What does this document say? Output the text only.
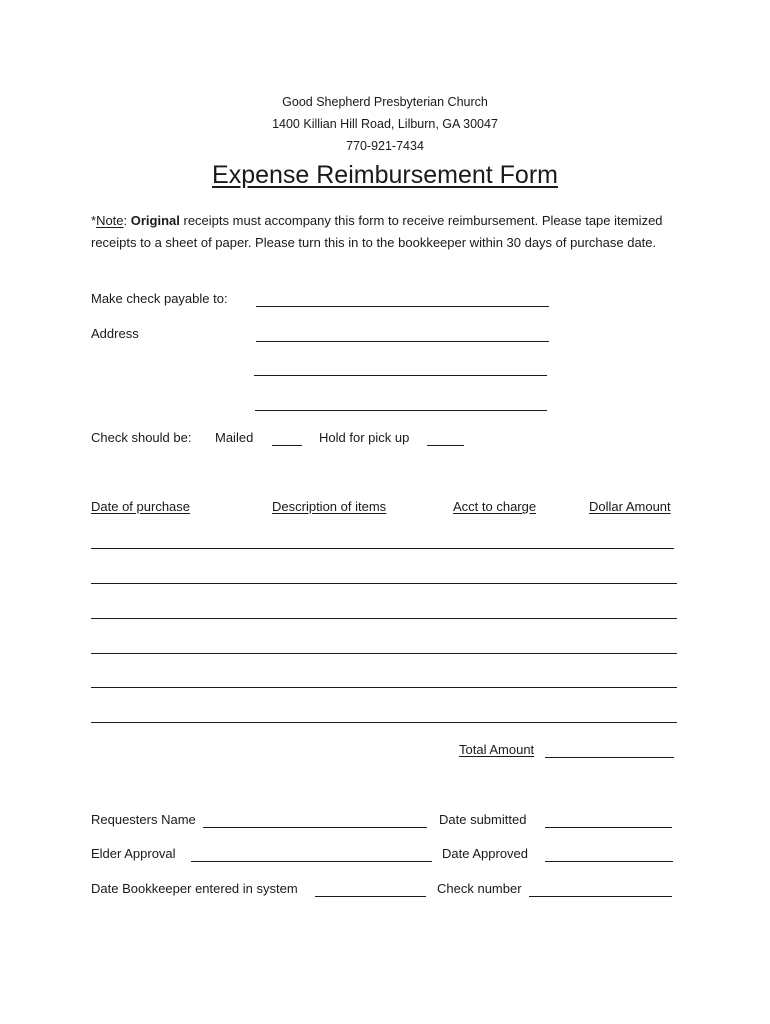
Good Shepherd Presbyterian Church
1400 Killian Hill Road, Lilburn, GA 30047
770-921-7434
Expense Reimbursement Form
*Note: Original receipts must accompany this form to receive reimbursement. Please tape itemized receipts to a sheet of paper. Please turn this in to the bookkeeper within 30 days of purchase date.
Make check payable to:
Address
Check should be: Mailed	Hold for pick up
Date of purchase	Description of items	Acct to charge	Dollar Amount
Total Amount
Requesters Name	Date submitted
Elder Approval	Date Approved
Date Bookkeeper entered in system	Check number
